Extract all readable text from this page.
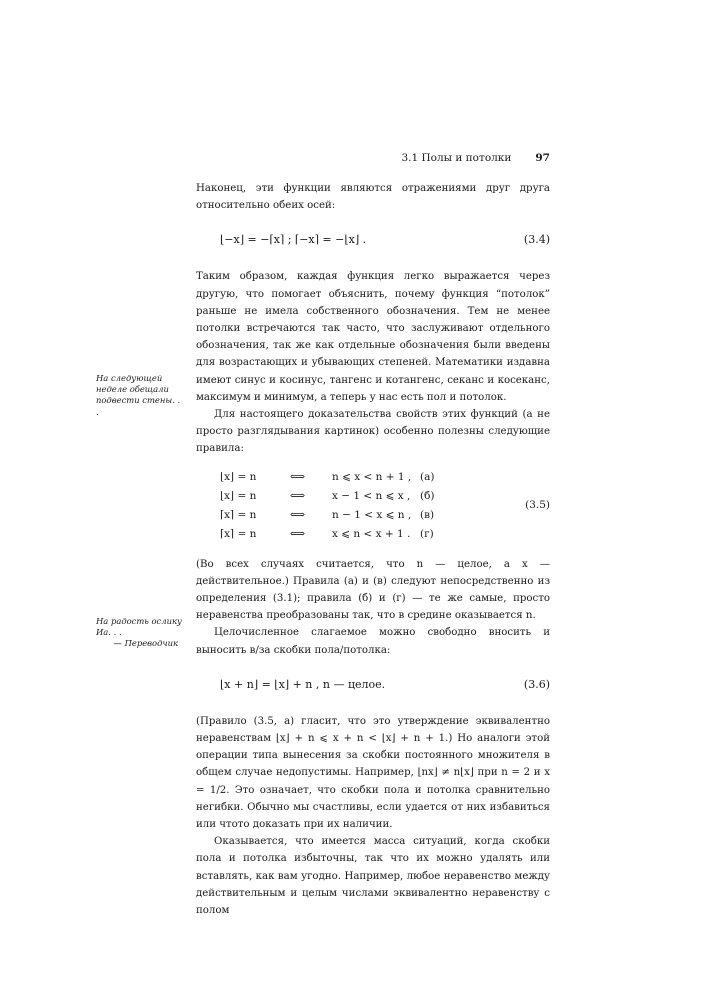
3.1 Полы и потолки 97

Наконец, эти функции являются отражениями друг друга относительно обеих осей:

⌊−x⌋ = −⌈x⌉ ; ⌈−x⌉ = −⌊x⌋ .	(3.4)

Таким образом, каждая функция легко выражается через другую, что помогает объяснить, почему функция “потолок” раньше не имела собственного обозначения. Тем не менее потолки встречаются так часто, что заслуживают отдельного обозначения, так же как отдельные обозначения были введены для возрастающих и убывающих степеней. Математики издавна имеют синус и косинус, тангенс и котангенс, секанс и косеканс, максимум и минимум, а теперь у нас есть пол и потолок.

Для настоящего доказательства свойств этих функций (а не просто разглядывания картинок) особенно полезны следующие правила:

⌊x⌋ = n	⟺	n ⩽ x < n + 1 , (а)
⌊x⌋ = n	⟺	x − 1 < n ⩽ x , (б)
⌈x⌉ = n	⟺	n − 1 < x ⩽ n , (в)
⌈x⌉ = n	⟺	x ⩽ n < x + 1 . (г)
(3.5)

(Во всех случаях считается, что n — целое, а x — действительное.) Правила (а) и (в) следуют непосредственно из определения (3.1); правила (б) и (г) — те же самые, просто неравенства преобразованы так, что в средине оказывается n.

Целочисленное слагаемое можно свободно вносить и выносить в/за скобки пола/потолка:

⌊x + n⌋ = ⌊x⌋ + n , n — целое.	(3.6)

(Правило (3.5, а) гласит, что это утверждение эквивалентно неравенствам ⌊x⌋ + n ⩽ x + n < ⌊x⌋ + n + 1.) Но аналоги этой операции типа вынесения за скобки постоянного множителя в общем случае недопустимы. Например, ⌊nx⌋ ≠ n⌊x⌋ при n = 2 и x = 1/2. Это означает, что скобки пола и потолка сравнительно негибки. Обычно мы счастливы, если удается от них избавиться или чтото доказать при их наличии.

Оказывается, что имеется масса ситуаций, когда скобки пола и потолка избыточны, так что их можно удалять или вставлять, как вам угодно. Например, любое неравенство между действительным и целым числами эквивалентно неравенству с полом

На следующей неделе обещали подвести стены. . .
На радость ослику Иа. . .
— Переводчик
